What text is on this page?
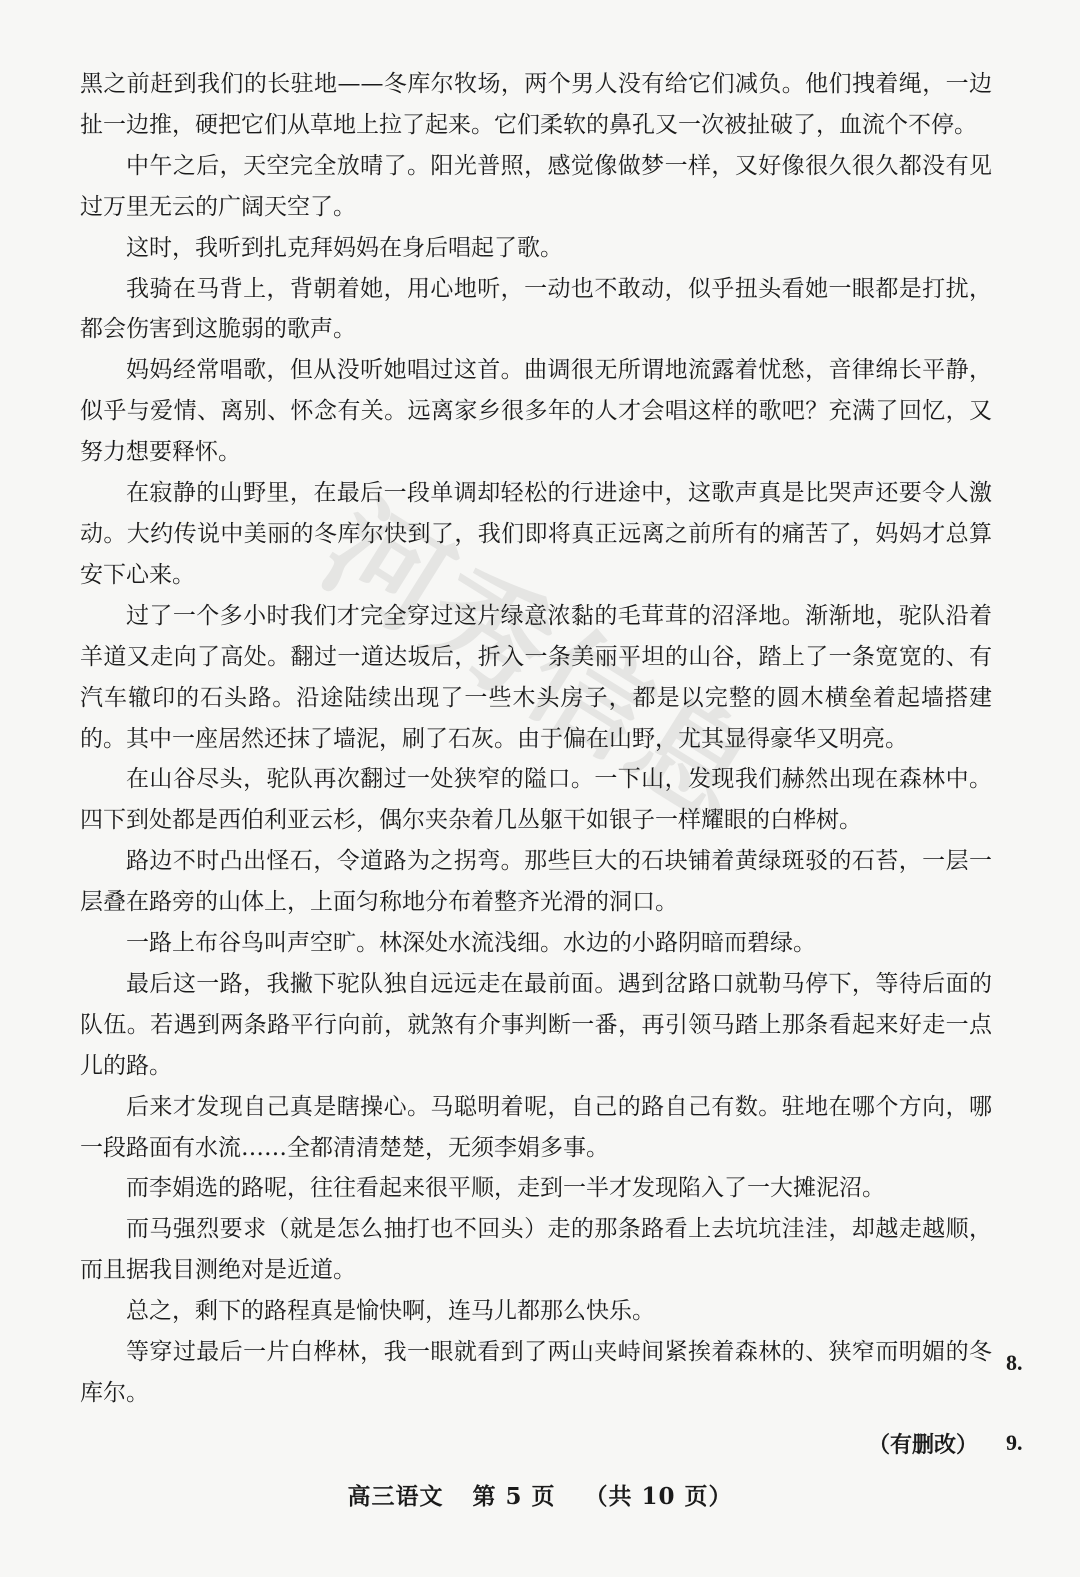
河
秀
信
息

黑之前赶到我们的长驻地——冬库尔牧场，两个男人没有给它们减负。他们拽着绳，一边扯一边推，硬把它们从草地上拉了起来。它们柔软的鼻孔又一次被扯破了，血流个不停。

中午之后，天空完全放晴了。阳光普照，感觉像做梦一样，又好像很久很久都没有见过万里无云的广阔天空了。

这时，我听到扎克拜妈妈在身后唱起了歌。

我骑在马背上，背朝着她，用心地听，一动也不敢动，似乎扭头看她一眼都是打扰，都会伤害到这脆弱的歌声。

妈妈经常唱歌，但从没听她唱过这首。曲调很无所谓地流露着忧愁，音律绵长平静，似乎与爱情、离别、怀念有关。远离家乡很多年的人才会唱这样的歌吧？充满了回忆，又努力想要释怀。

在寂静的山野里，在最后一段单调却轻松的行进途中，这歌声真是比哭声还要令人激动。大约传说中美丽的冬库尔快到了，我们即将真正远离之前所有的痛苦了，妈妈才总算安下心来。

过了一个多小时我们才完全穿过这片绿意浓黏的毛茸茸的沼泽地。渐渐地，驼队沿着羊道又走向了高处。翻过一道达坂后，折入一条美丽平坦的山谷，踏上了一条宽宽的、有汽车辙印的石头路。沿途陆续出现了一些木头房子，都是以完整的圆木横垒着起墙搭建的。其中一座居然还抹了墙泥，刷了石灰。由于偏在山野，尤其显得豪华又明亮。

在山谷尽头，驼队再次翻过一处狭窄的隘口。一下山，发现我们赫然出现在森林中。四下到处都是西伯利亚云杉，偶尔夹杂着几丛躯干如银子一样耀眼的白桦树。

路边不时凸出怪石，令道路为之拐弯。那些巨大的石块铺着黄绿斑驳的石苔，一层一层叠在路旁的山体上，上面匀称地分布着整齐光滑的洞口。

一路上布谷鸟叫声空旷。林深处水流浅细。水边的小路阴暗而碧绿。

最后这一路，我撇下驼队独自远远走在最前面。遇到岔路口就勒马停下，等待后面的队伍。若遇到两条路平行向前，就煞有介事判断一番，再引领马踏上那条看起来好走一点儿的路。

后来才发现自己真是瞎操心。马聪明着呢，自己的路自己有数。驻地在哪个方向，哪一段路面有水流……全都清清楚楚，无须李娟多事。

而李娟选的路呢，往往看起来很平顺，走到一半才发现陷入了一大摊泥沼。

而马强烈要求（就是怎么抽打也不回头）走的那条路看上去坑坑洼洼，却越走越顺，而且据我目测绝对是近道。

总之，剩下的路程真是愉快啊，连马儿都那么快乐。

等穿过最后一片白桦林，我一眼就看到了两山夹峙间紧挨着森林的、狭窄而明媚的冬库尔。

8.
9.
（有删改）
高三语文 第 5 页 （共 10 页）
